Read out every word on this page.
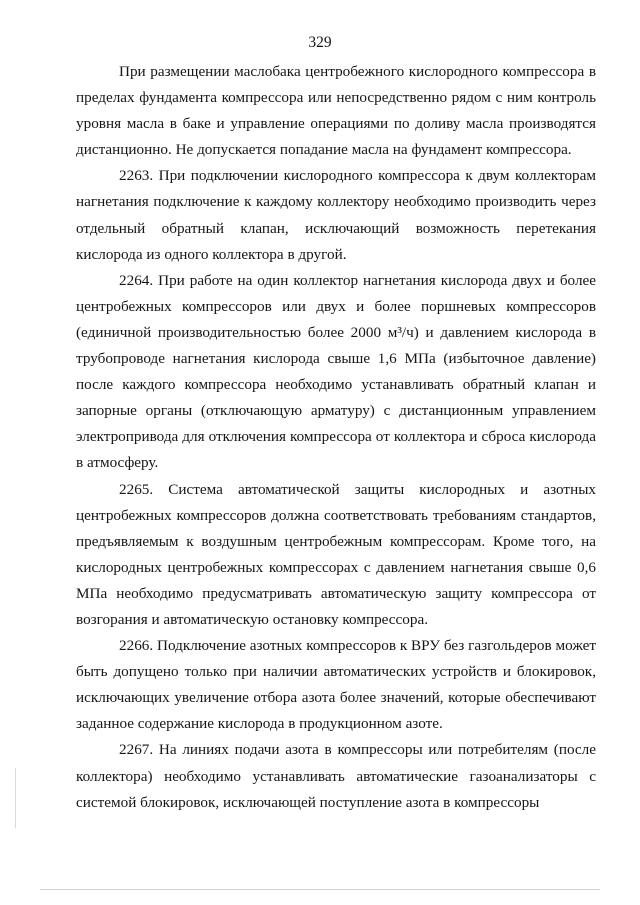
329

При размещении маслобака центробежного кислородного компрессора в пределах фундамента компрессора или непосредственно рядом с ним контроль уровня масла в баке и управление операциями по доливу масла производятся дистанционно. Не допускается попадание масла на фундамент компрессора.

2263. При подключении кислородного компрессора к двум коллекторам нагнетания подключение к каждому коллектору необходимо производить через отдельный обратный клапан, исключающий возможность перетекания кислорода из одного коллектора в другой.

2264. При работе на один коллектор нагнетания кислорода двух и более центробежных компрессоров или двух и более поршневых компрессоров (единичной производительностью более 2000 м³/ч) и давлением кислорода в трубопроводе нагнетания кислорода свыше 1,6 МПа (избыточное давление) после каждого компрессора необходимо устанавливать обратный клапан и запорные органы (отключающую арматуру) с дистанционным управлением электропривода для отключения компрессора от коллектора и сброса кислорода в атмосферу.

2265. Система автоматической защиты кислородных и азотных центробежных компрессоров должна соответствовать требованиям стандартов, предъявляемым к воздушным центробежным компрессорам. Кроме того, на кислородных центробежных компрессорах с давлением нагнетания свыше 0,6 МПа необходимо предусматривать автоматическую защиту компрессора от возгорания и автоматическую остановку компрессора.

2266. Подключение азотных компрессоров к ВРУ без газгольдеров может быть допущено только при наличии автоматических устройств и блокировок, исключающих увеличение отбора азота более значений, которые обеспечивают заданное содержание кислорода в продукционном азоте.

2267. На линиях подачи азота в компрессоры или потребителям (после коллектора) необходимо устанавливать автоматические газоанализаторы с системой блокировок, исключающей поступление азота в компрессоры
